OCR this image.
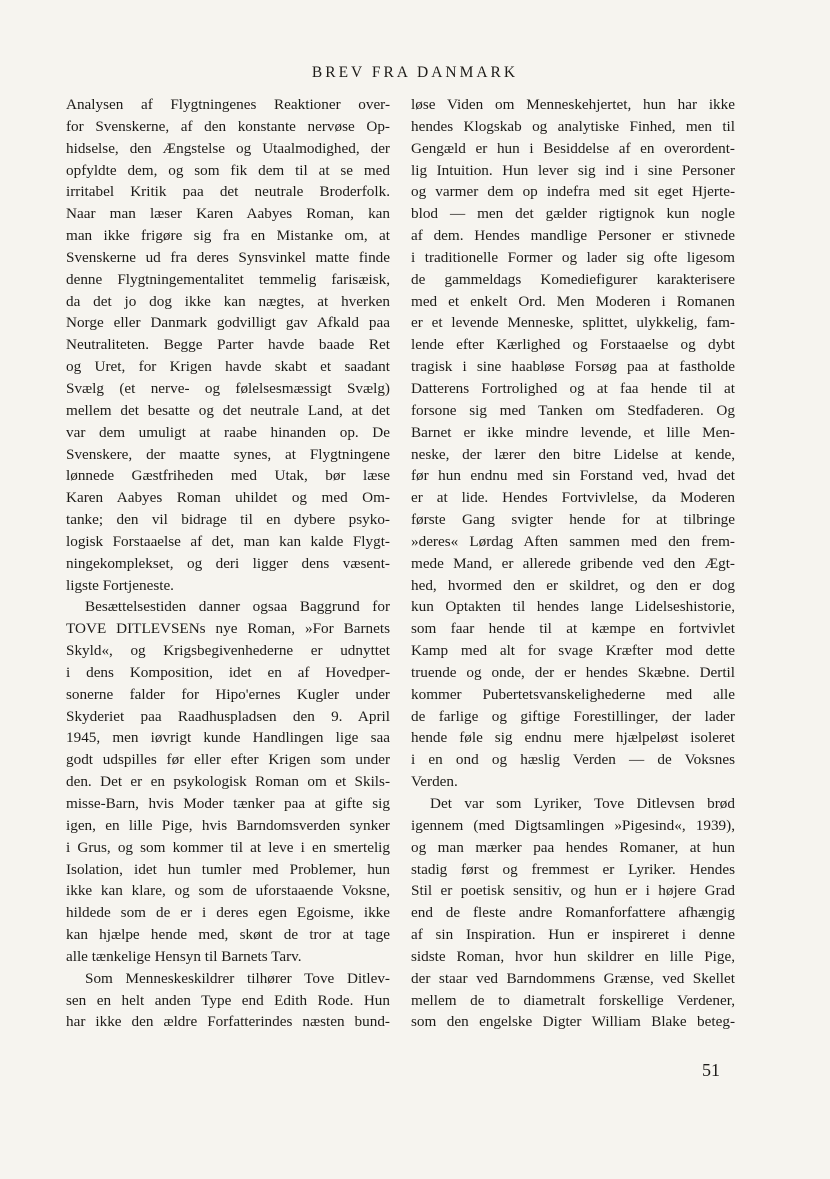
BREV FRA DANMARK
Analysen af Flygtningenes Reaktioner over-
for Svenskerne, af den konstante nervøse Op-
hidselse, den Ængstelse og Utaalmodighed, der
opfyldte dem, og som fik dem til at se med
irritabel Kritik paa det neutrale Broderfolk.
Naar man læser Karen Aabyes Roman, kan
man ikke frigøre sig fra en Mistanke om, at
Svenskerne ud fra deres Synsvinkel matte finde
denne Flygtningementalitet temmelig farisæisk,
da det jo dog ikke kan nægtes, at hverken
Norge eller Danmark godvilligt gav Afkald paa
Neutraliteten. Begge Parter havde baade Ret
og Uret, for Krigen havde skabt et saadant
Svælg (et nerve- og følelsesmæssigt Svælg)
mellem det besatte og det neutrale Land, at det
var dem umuligt at raabe hinanden op. De
Svenskere, der maatte synes, at Flygtningene
lønnede Gæstfriheden med Utak, bør læse
Karen Aabyes Roman uhildet og med Om-
tanke; den vil bidrage til en dybere psyko-
logisk Forstaaelse af det, man kan kalde Flygt-
ningekomplekset, og deri ligger dens væsent-
ligste Fortjeneste.
Besættelsestiden danner ogsaa Baggrund for
TOVE DITLEVSENs nye Roman, »For Barnets
Skyld«, og Krigsbegivenhederne er udnyttet
i dens Komposition, idet en af Hovedper-
sonerne falder for Hipo'ernes Kugler under
Skyderiet paa Raadhuspladsen den 9. April
1945, men iøvrigt kunde Handlingen lige saa
godt udspilles før eller efter Krigen som under
den. Det er en psykologisk Roman om et Skils-
misse-Barn, hvis Moder tænker paa at gifte sig
igen, en lille Pige, hvis Barndomsverden synker
i Grus, og som kommer til at leve i en smertelig
Isolation, idet hun tumler med Problemer, hun
ikke kan klare, og som de uforstaaende Voksne,
hildede som de er i deres egen Egoisme, ikke
kan hjælpe hende med, skønt de tror at tage
alle tænkelige Hensyn til Barnets Tarv.
Som Menneskeskildrer tilhører Tove Ditlev-
sen en helt anden Type end Edith Rode. Hun
har ikke den ældre Forfatterindes næsten bund-
løse Viden om Menneskehjertet, hun har ikke
hendes Klogskab og analytiske Finhed, men til
Gengæld er hun i Besiddelse af en overordent-
lig Intuition. Hun lever sig ind i sine Personer
og varmer dem op indefra med sit eget Hjerte-
blod — men det gælder rigtignok kun nogle
af dem. Hendes mandlige Personer er stivnede
i traditionelle Former og lader sig ofte ligesom
de gammeldags Komediefigurer karakterisere
med et enkelt Ord. Men Moderen i Romanen
er et levende Menneske, splittet, ulykkelig, fam-
lende efter Kærlighed og Forstaaelse og dybt
tragisk i sine haabløse Forsøg paa at fastholde
Datterens Fortrolighed og at faa hende til at
forsone sig med Tanken om Stedfaderen. Og
Barnet er ikke mindre levende, et lille Men-
neske, der lærer den bitre Lidelse at kende,
før hun endnu med sin Forstand ved, hvad det
er at lide. Hendes Fortvivlelse, da Moderen
første Gang svigter hende for at tilbringe
»deres« Lørdag Aften sammen med den frem-
mede Mand, er allerede gribende ved den Ægt-
hed, hvormed den er skildret, og den er dog
kun Optakten til hendes lange Lidelseshistorie,
som faar hende til at kæmpe en fortvivlet
Kamp med alt for svage Kræfter mod dette
truende og onde, der er hendes Skæbne. Dertil
kommer Pubertetsvanskelighederne med alle
de farlige og giftige Forestillinger, der lader
hende føle sig endnu mere hjælpeløst isoleret
i en ond og hæslig Verden — de Voksnes
Verden.
Det var som Lyriker, Tove Ditlevsen brød
igennem (med Digtsamlingen »Pigesind«, 1939),
og man mærker paa hendes Romaner, at hun
stadig først og fremmest er Lyriker. Hendes
Stil er poetisk sensitiv, og hun er i højere Grad
end de fleste andre Romanforfattere afhængig
af sin Inspiration. Hun er inspireret i denne
sidste Roman, hvor hun skildrer en lille Pige,
der staar ved Barndommens Grænse, ved Skellet
mellem de to diametralt forskellige Verdener,
som den engelske Digter William Blake beteg-
51
